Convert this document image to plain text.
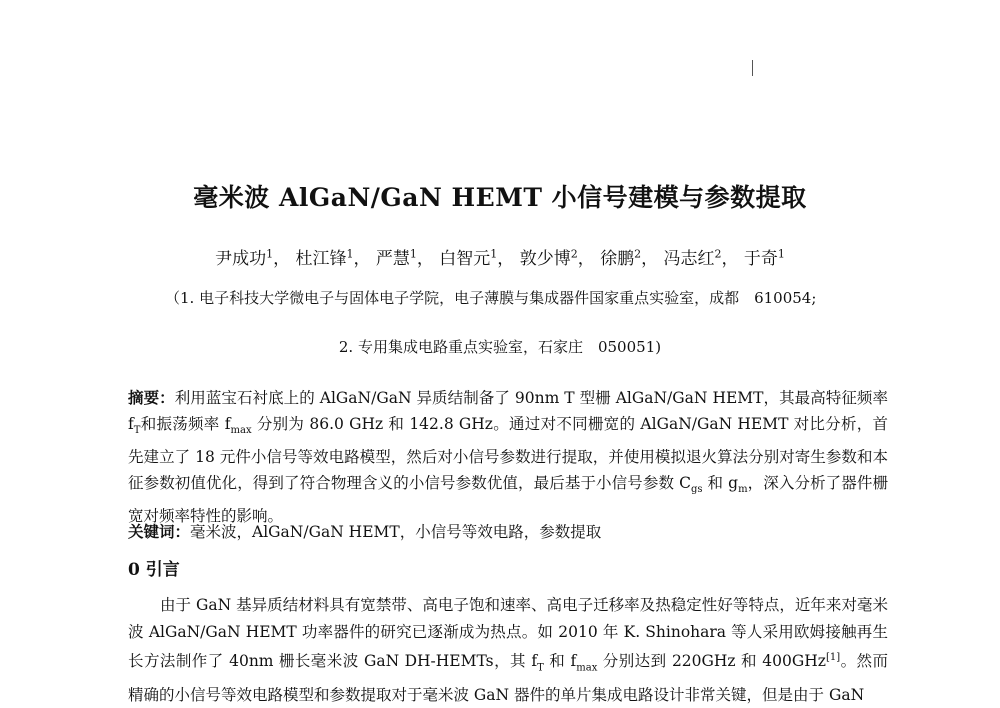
毫米波 AlGaN/GaN HEMT 小信号建模与参数提取
尹成功$^1$， 杜江锋$^1$， 严慧$^1$， 白智元$^1$， 敦少博$^2$， 徐鹏$^2$， 冯志红$^2$， 于奇$^1$
（1. 电子科技大学微电子与固体电子学院，电子薄膜与集成器件国家重点实验室，成都　610054;
2. 专用集成电路重点实验室，石家庄　050051)
摘要：利用蓝宝石衬底上的 AlGaN/GaN 异质结制备了 90nm T 型栅 AlGaN/GaN HEMT，其最高特征频率 $f_T$和振荡频率 $f_{max}$ 分别为 86.0 GHz 和 142.8 GHz。通过对不同栅宽的 AlGaN/GaN HEMT 对比分析，首先建立了 18 元件小信号等效电路模型，然后对小信号参数进行提取，并使用模拟退火算法分别对寄生参数和本征参数初值优化，得到了符合物理含义的小信号参数优值，最后基于小信号参数 $C_{gs}$ 和 $g_m$，深入分析了器件栅宽对频率特性的影响。
关键词：毫米波，AlGaN/GaN HEMT，小信号等效电路，参数提取
0 引言
由于 GaN 基异质结材料具有宽禁带、高电子饱和速率、高电子迁移率及热稳定性好等特点，近年来对毫米波 AlGaN/GaN HEMT 功率器件的研究已逐渐成为热点。如 2010 年 K. Shinohara 等人采用欧姆接触再生长方法制作了 40nm 栅长毫米波 GaN DH-HEMTs，其 $f_T$ 和 $f_{max}$ 分别达到 220GHz 和 400GHz[1]。然而精确的小信号等效电路模型和参数提取对于毫米波 GaN 器件的单片集成电路设计非常关键，但是由于 GaN
